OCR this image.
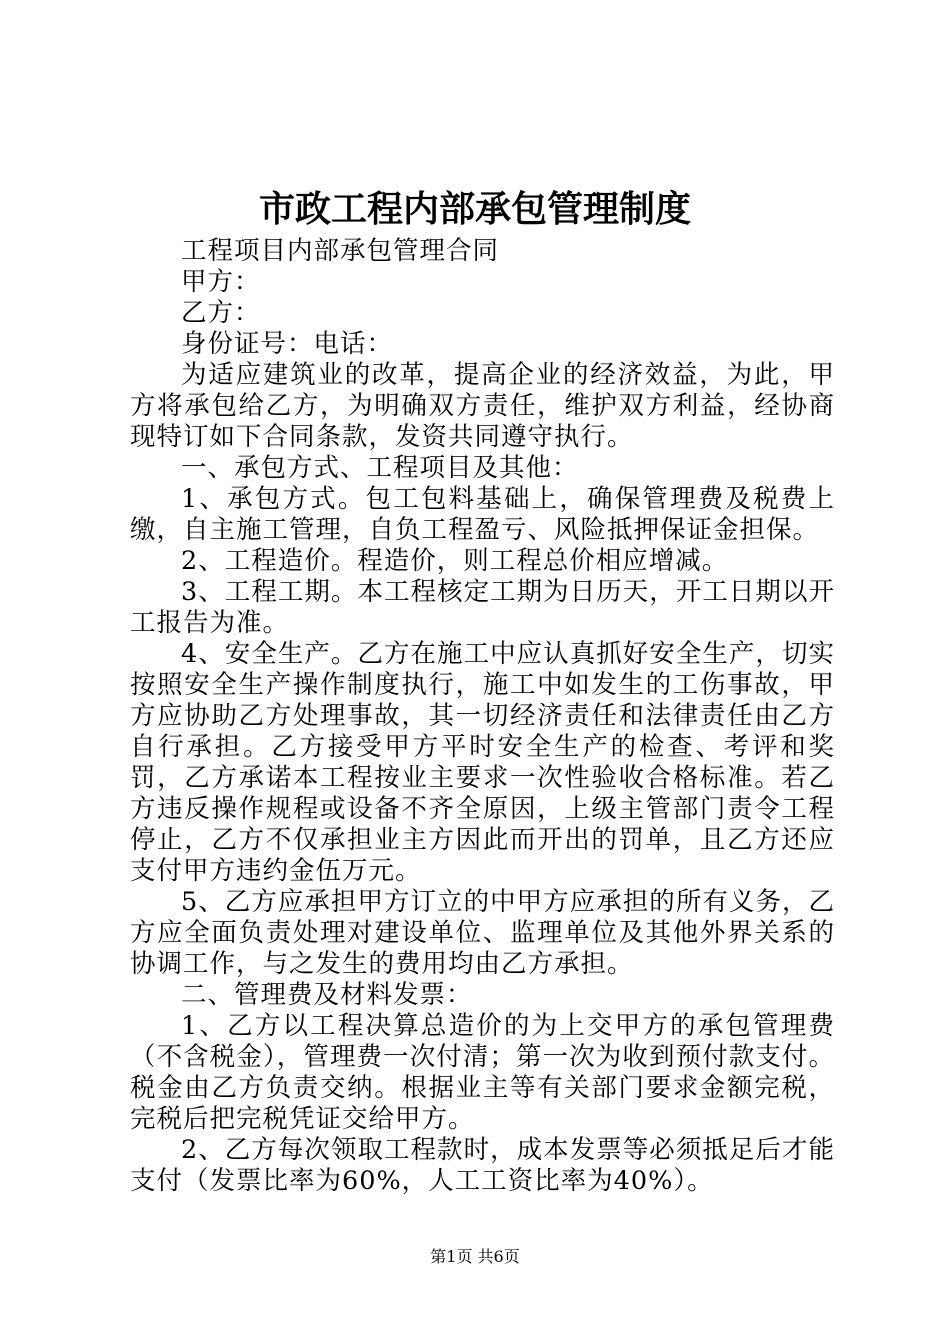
市政工程内部承包管理制度

工程项目内部承包管理合同

甲方：

乙方：

身份证号：电话：

为适应建筑业的改革，提高企业的经济效益，为此，甲方将承包给乙方，为明确双方责任，维护双方利益，经协商现特订如下合同条款，发资共同遵守执行。

一、承包方式、工程项目及其他：

1、承包方式。包工包料基础上，确保管理费及税费上缴，自主施工管理，自负工程盈亏、风险抵押保证金担保。

2、工程造价。程造价，则工程总价相应增减。

3、工程工期。本工程核定工期为日历天，开工日期以开工报告为准。

4、安全生产。乙方在施工中应认真抓好安全生产，切实按照安全生产操作制度执行，施工中如发生的工伤事故，甲方应协助乙方处理事故，其一切经济责任和法律责任由乙方自行承担。乙方接受甲方平时安全生产的检查、考评和奖罚，乙方承诺本工程按业主要求一次性验收合格标准。若乙方违反操作规程或设备不齐全原因，上级主管部门责令工程停止，乙方不仅承担业主方因此而开出的罚单，且乙方还应支付甲方违约金伍万元。

5、乙方应承担甲方订立的中甲方应承担的所有义务，乙方应全面负责处理对建设单位、监理单位及其他外界关系的协调工作，与之发生的费用均由乙方承担。

二、管理费及材料发票：

1、乙方以工程决算总造价的为上交甲方的承包管理费（不含税金），管理费一次付清；第一次为收到预付款支付。税金由乙方负责交纳。根据业主等有关部门要求金额完税，完税后把完税凭证交给甲方。

2、乙方每次领取工程款时，成本发票等必须抵足后才能支付（发票比率为60%，人工工资比率为40%）。

第1页 共6页
